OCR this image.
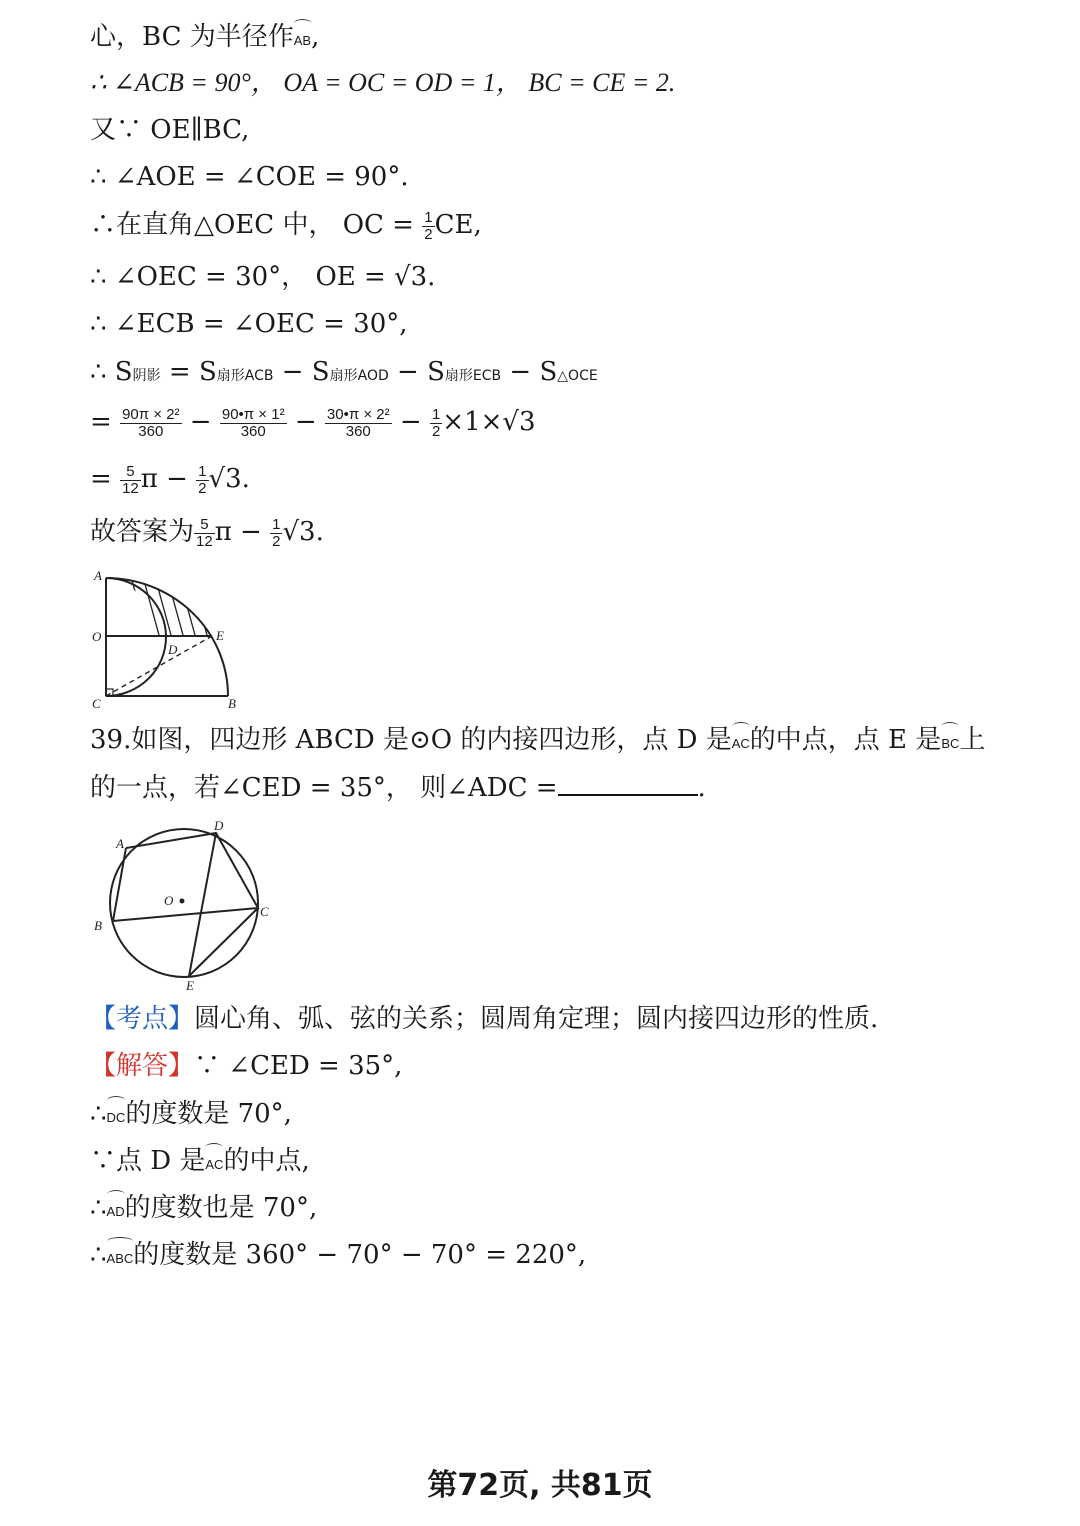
心，BC 为半径作AB,
∴ ∠ACB = 90°， OA = OC = OD = 1， BC = CE = 2.
又∵ OE∥BC,
∴ ∠AOE = ∠COE = 90°.
∴在直角△OEC 中， OC = $\frac{1}{2}$ CE,
∴ ∠OEC = 30°， OE = √3.
∴ ∠ECB = ∠OEC = 30°,
∴ S阴影 = S扇形ACB − S扇形AOD − S扇形ECB − S△OCE
= $\frac{\text{90π × 2²}}{360} - \frac{\text{90•π × 1²}}{360} - \frac{\text{30•π × 2²}}{360} - \frac{1}{2} \times 1\times√3$
= $\frac{5}{12}$ $\pi - \frac{1}{2} √3$.
故答案为 $\frac{5}{12}$ $\pi - \frac{1}{2} √3$.
A
O
D
E
C	B
39.如图，四边形 ABCD 是⊙O 的内接四边形，点 D 是AC的中点，点 E 是BC上
的一点，若∠CED = 35°， 则∠ADC =	.
A
D
O
B
C
E
【考点】圆心角、弧、弦的关系；圆周角定理；圆内接四边形的性质.
【解答】∵ ∠CED = 35°,
∴DC的度数是 70°,
∵点 D 是AC的中点,
∴AD的度数也是 70°,
∴ABC的度数是 360° − 70° − 70° = 220°,
第72页, 共81页
